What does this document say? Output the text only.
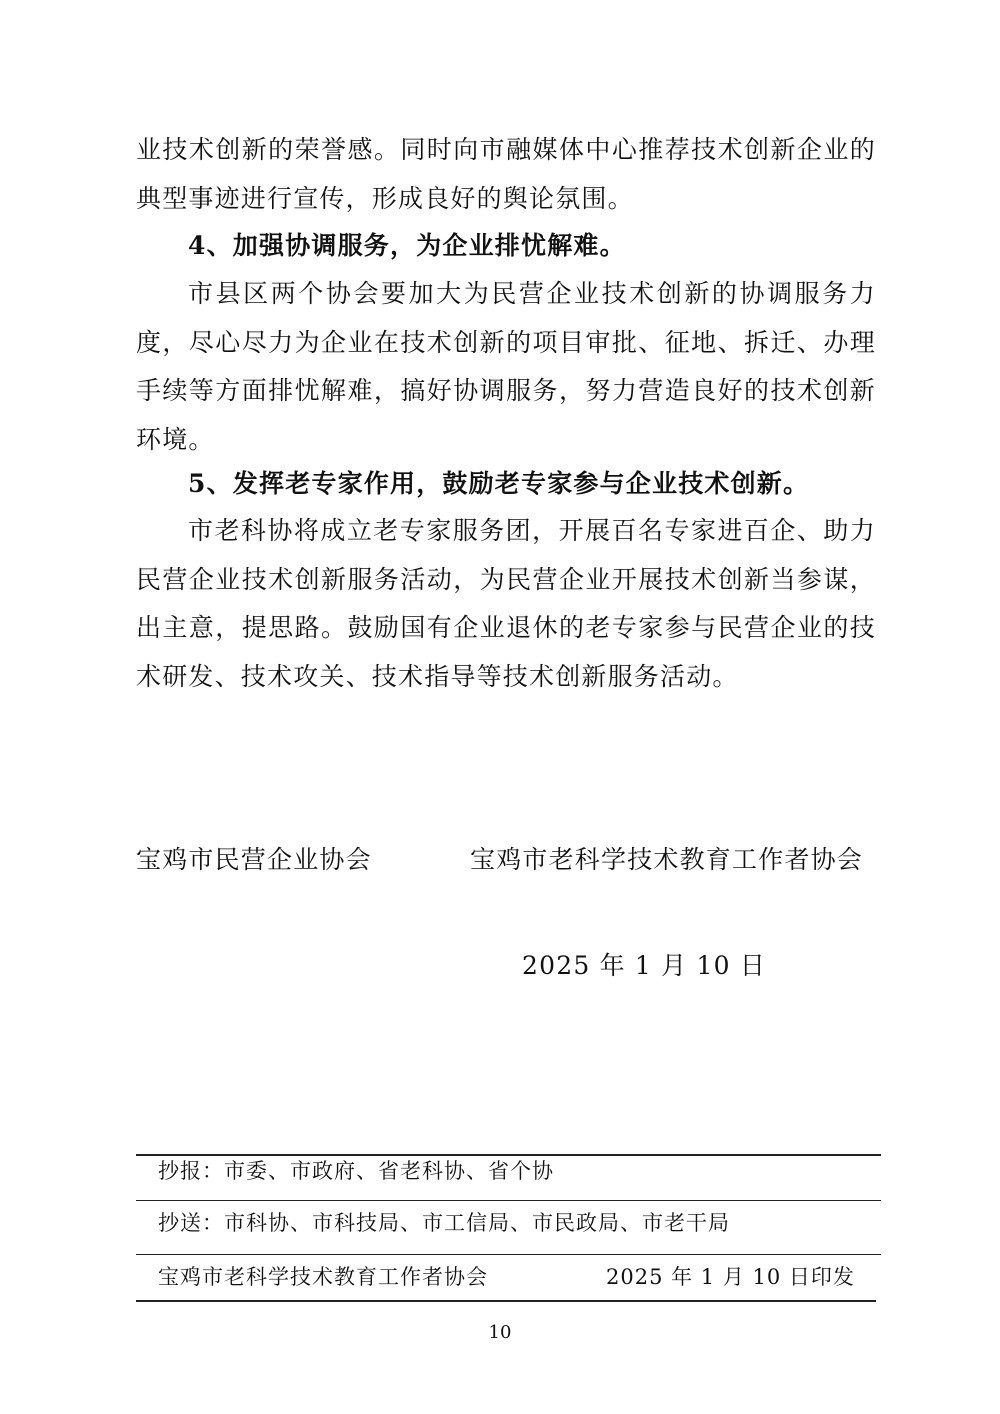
业技术创新的荣誉感。同时向市融媒体中心推荐技术创新企业的典型事迹进行宣传，形成良好的舆论氛围。

4、加强协调服务，为企业排忧解难。

市县区两个协会要加大为民营企业技术创新的协调服务力度，尽心尽力为企业在技术创新的项目审批、征地、拆迁、办理手续等方面排忧解难，搞好协调服务，努力营造良好的技术创新环境。

5、发挥老专家作用，鼓励老专家参与企业技术创新。

市老科协将成立老专家服务团，开展百名专家进百企、助力民营企业技术创新服务活动，为民营企业开展技术创新当参谋，出主意，提思路。鼓励国有企业退休的老专家参与民营企业的技术研发、技术攻关、技术指导等技术创新服务活动。

宝鸡市民营企业协会	宝鸡市老科学技术教育工作者协会
2025 年 1 月 10 日
抄报：市委、市政府、省老科协、省个协
抄送：市科协、市科技局、市工信局、市民政局、市老干局
宝鸡市老科学技术教育工作者协会	2025 年 1 月 10 日印发
10
